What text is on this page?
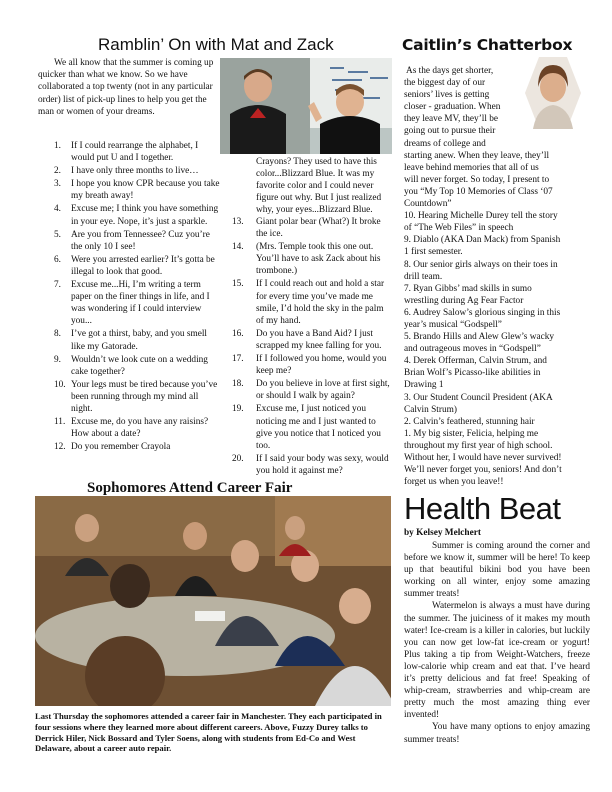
Ramblin’ On with Mat and Zack
We all know that the summer is coming up quicker than what we know. So we have collaborated a top twenty (not in any particular order) list of pick-up lines to help you get the man or women of your dreams.
1. If I could rearrange the alphabet, I would put U and I together.
2. I have only three months to live…
3. I hope you know CPR because you take my breath away!
4. Excuse me; I think you have something in your eye. Nope, it’s just a sparkle.
5. Are you from Tennessee? Cuz you’re the only 10 I see!
6. Were you arrested earlier? It’s gotta be illegal to look that good.
7. Excuse me...Hi, I’m writing a term paper on the finer things in life, and I was wondering if I could interview you...
8. I’ve got a thirst, baby, and you smell like my Gatorade.
9. Wouldn’t we look cute on a wedding cake together?
10. Your legs must be tired because you’ve been running through my mind all night.
11. Excuse me, do you have any raisins? How about a date?
12. Do you remember Crayola
Crayons? They used to have this color...Blizzard Blue. It was my favorite color and I could never figure out why. But I just realized why, your eyes...Blizzard Blue.
13. Giant polar bear (What?) It broke the ice.
14. (Mrs. Temple took this one out. You’ll have to ask Zack about his trombone.)
15. If I could reach out and hold a star for every time you’ve made me smile, I’d hold the sky in the palm of my hand.
16. Do you have a Band Aid? I just scrapped my knee falling for you.
17. If I followed you home, would you keep me?
18. Do you believe in love at first sight, or should I walk by again?
19. Excuse me, I just noticed you noticing me and I just wanted to give you notice that I noticed you too.
20. If I said your body was sexy, would you hold it against me?
Caitlin’s Chatterbox
As the days get shorter,
the biggest day of our
seniors’ lives is getting
closer - graduation. When
they leave MV, they’ll be
going out to pursue their
dreams of college and
starting anew. When they leave, they’ll
leave behind memories that all of us
will never forget. So today, I present to
you “My Top 10 Memories of Class ‘07
Countdown”
10. Hearing Michelle Durey tell the story
of “The Web Files” in speech
9. Diablo (AKA Dan Mack) from Spanish
1 first semester.
8. Our senior girls always on their toes in
drill team.
7. Ryan Gibbs’ mad skills in sumo
wrestling during Ag Fear Factor
6. Audrey Salow’s glorious singing in this
year’s musical “Godspell”
5. Brando Hills and Alew Glew’s wacky
and outrageous moves in “Godspell”
4. Derek Offerman, Calvin Strum, and
Brian Wolf’s Picasso-like abilities in
Drawing 1
3. Our Student Council President (AKA
Calvin Strum)
2. Calvin’s feathered, stunning hair
1. My big sister, Felicia, helping me
throughout my first year of high school.
Without her, I would have never survived!
We’ll never forget you, seniors! And don’t
forget us when you leave!!
Sophomores Attend Career Fair
Last Thursday the sophomores attended a career fair in Manchester. They each participated in four sessions where they learned more about different careers. Above, Fuzzy Durey talks to Derrick Hiler, Nick Bossard and Tyler Soens, along with students from Ed-Co and West Delaware, about a career auto repair.
Health Beat
by Kelsey Melchert

Summer is coming around the corner and before we know it, summer will be here! To keep up that beautiful bikini bod you have been working on all winter, enjoy some amazing summer treats!

Watermelon is always a must have during the summer. The juiciness of it makes my mouth water! Ice-cream is a killer in calories, but luckily you can now get low-fat ice-cream or yogurt! Plus taking a tip from Weight-Watchers, freeze low-calorie whip cream and eat that. I’ve heard it’s pretty delicious and fat free! Speaking of whip-cream, strawberries and whip-cream are pretty much the most amazing thing ever invented!

You have many options to enjoy amazing summer treats!
